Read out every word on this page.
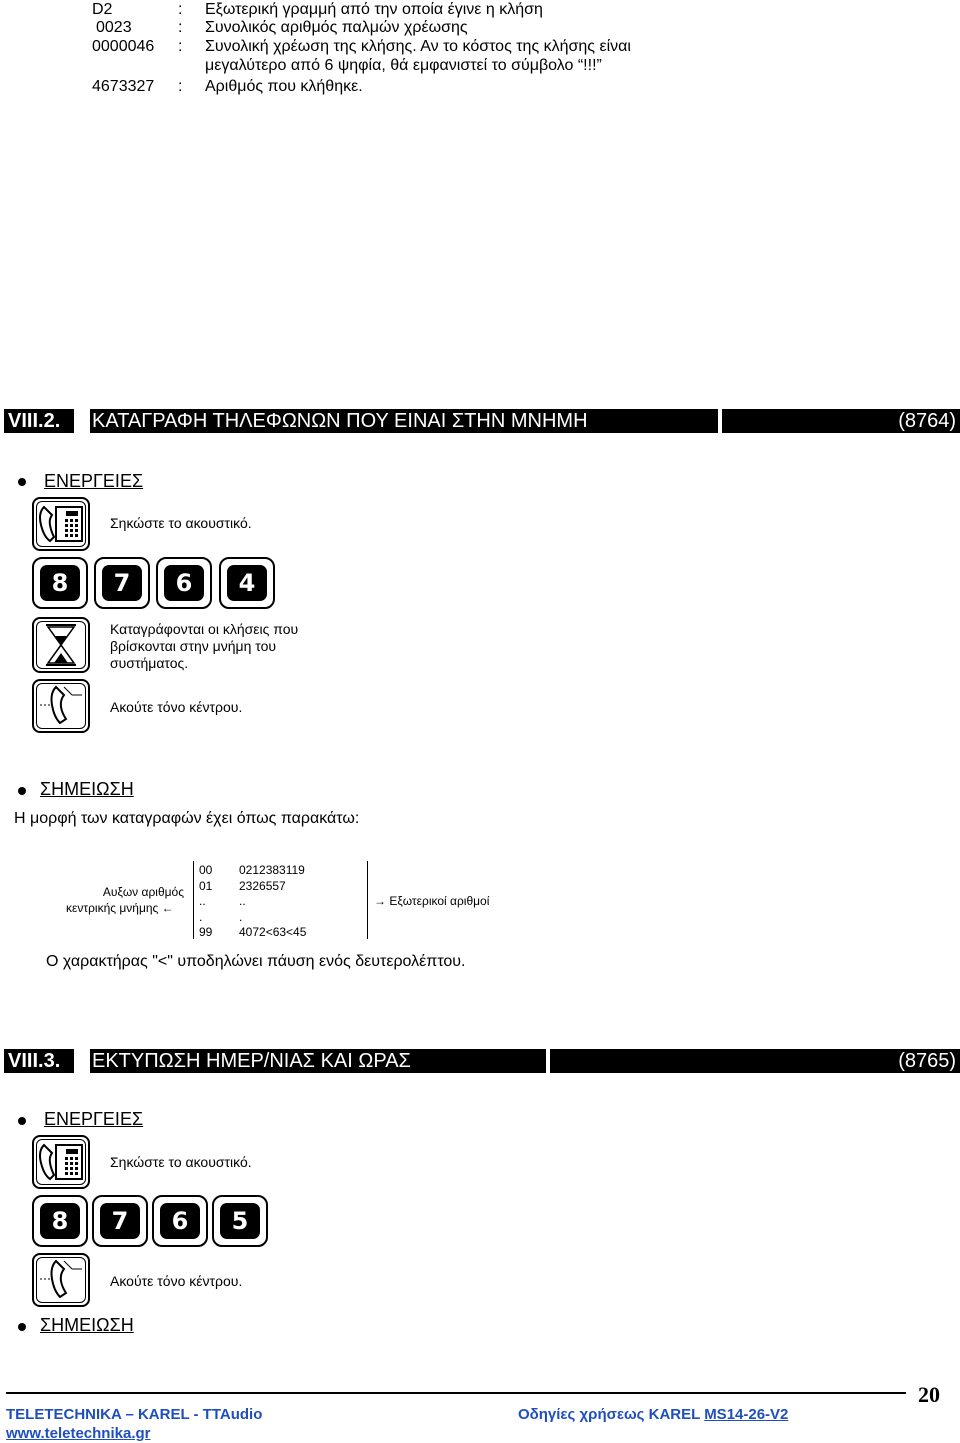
D2	: Εξωτερική γραμμή από την οποία έγινε η κλήση
0023	: Συνολικός αριθμός παλμών χρέωσης
0000046 : Συνολική χρέωση της κλήσης. Αν το κόστος της κλήσης είναι
μεγαλύτερο από 6 ψηφία, θά εμφανιστεί το σύμβολο “!!!”
4673327 : Αριθμός που κλήθηκε.
VIII.2. ΚΑΤΑΓΡΑΦΗ ΤΗΛΕΦΩΝΩΝ ΠΟΥ ΕΙΝΑΙ ΣΤΗΝ ΜΝΗΜΗ	(8764)
ΕΝΕΡΓΕΙΕΣ
Σηκώστε το ακουστικό.
8	7	6	4
Καταγράφονται οι κλήσεις που
βρίσκονται στην μνήμη του
συστήματος.
Ακούτε τόνο κέντρου.
ΣΗΜΕΙΩΣΗ
Η μορφή των καταγραφών έχει όπως παρακάτω:
Αυξων αριθμός
κεντρικής μνήμης ←
00 0212383119
01 2326557
..	..
.	.
99 4072<63<45
→ Εξωτερικοί αριθμοί
Ο χαρακτήρας "<" υποδηλώνει πάυση ενός δευτερολέπτου.
VIII.3. ΕΚΤΥΠΩΣΗ ΗΜΕΡ/ΝΙΑΣ ΚΑΙ ΩΡΑΣ	(8765)
ΕΝΕΡΓΕΙΕΣ
Σηκώστε το ακουστικό.
8	7	6	5
Ακούτε τόνο κέντρου.
ΣΗΜΕΙΩΣΗ
20
TELETECHNIKA – KAREL - TTAudio
www.teletechnika.gr
Οδηγίες χρήσεως KAREL MS14-26-V2
